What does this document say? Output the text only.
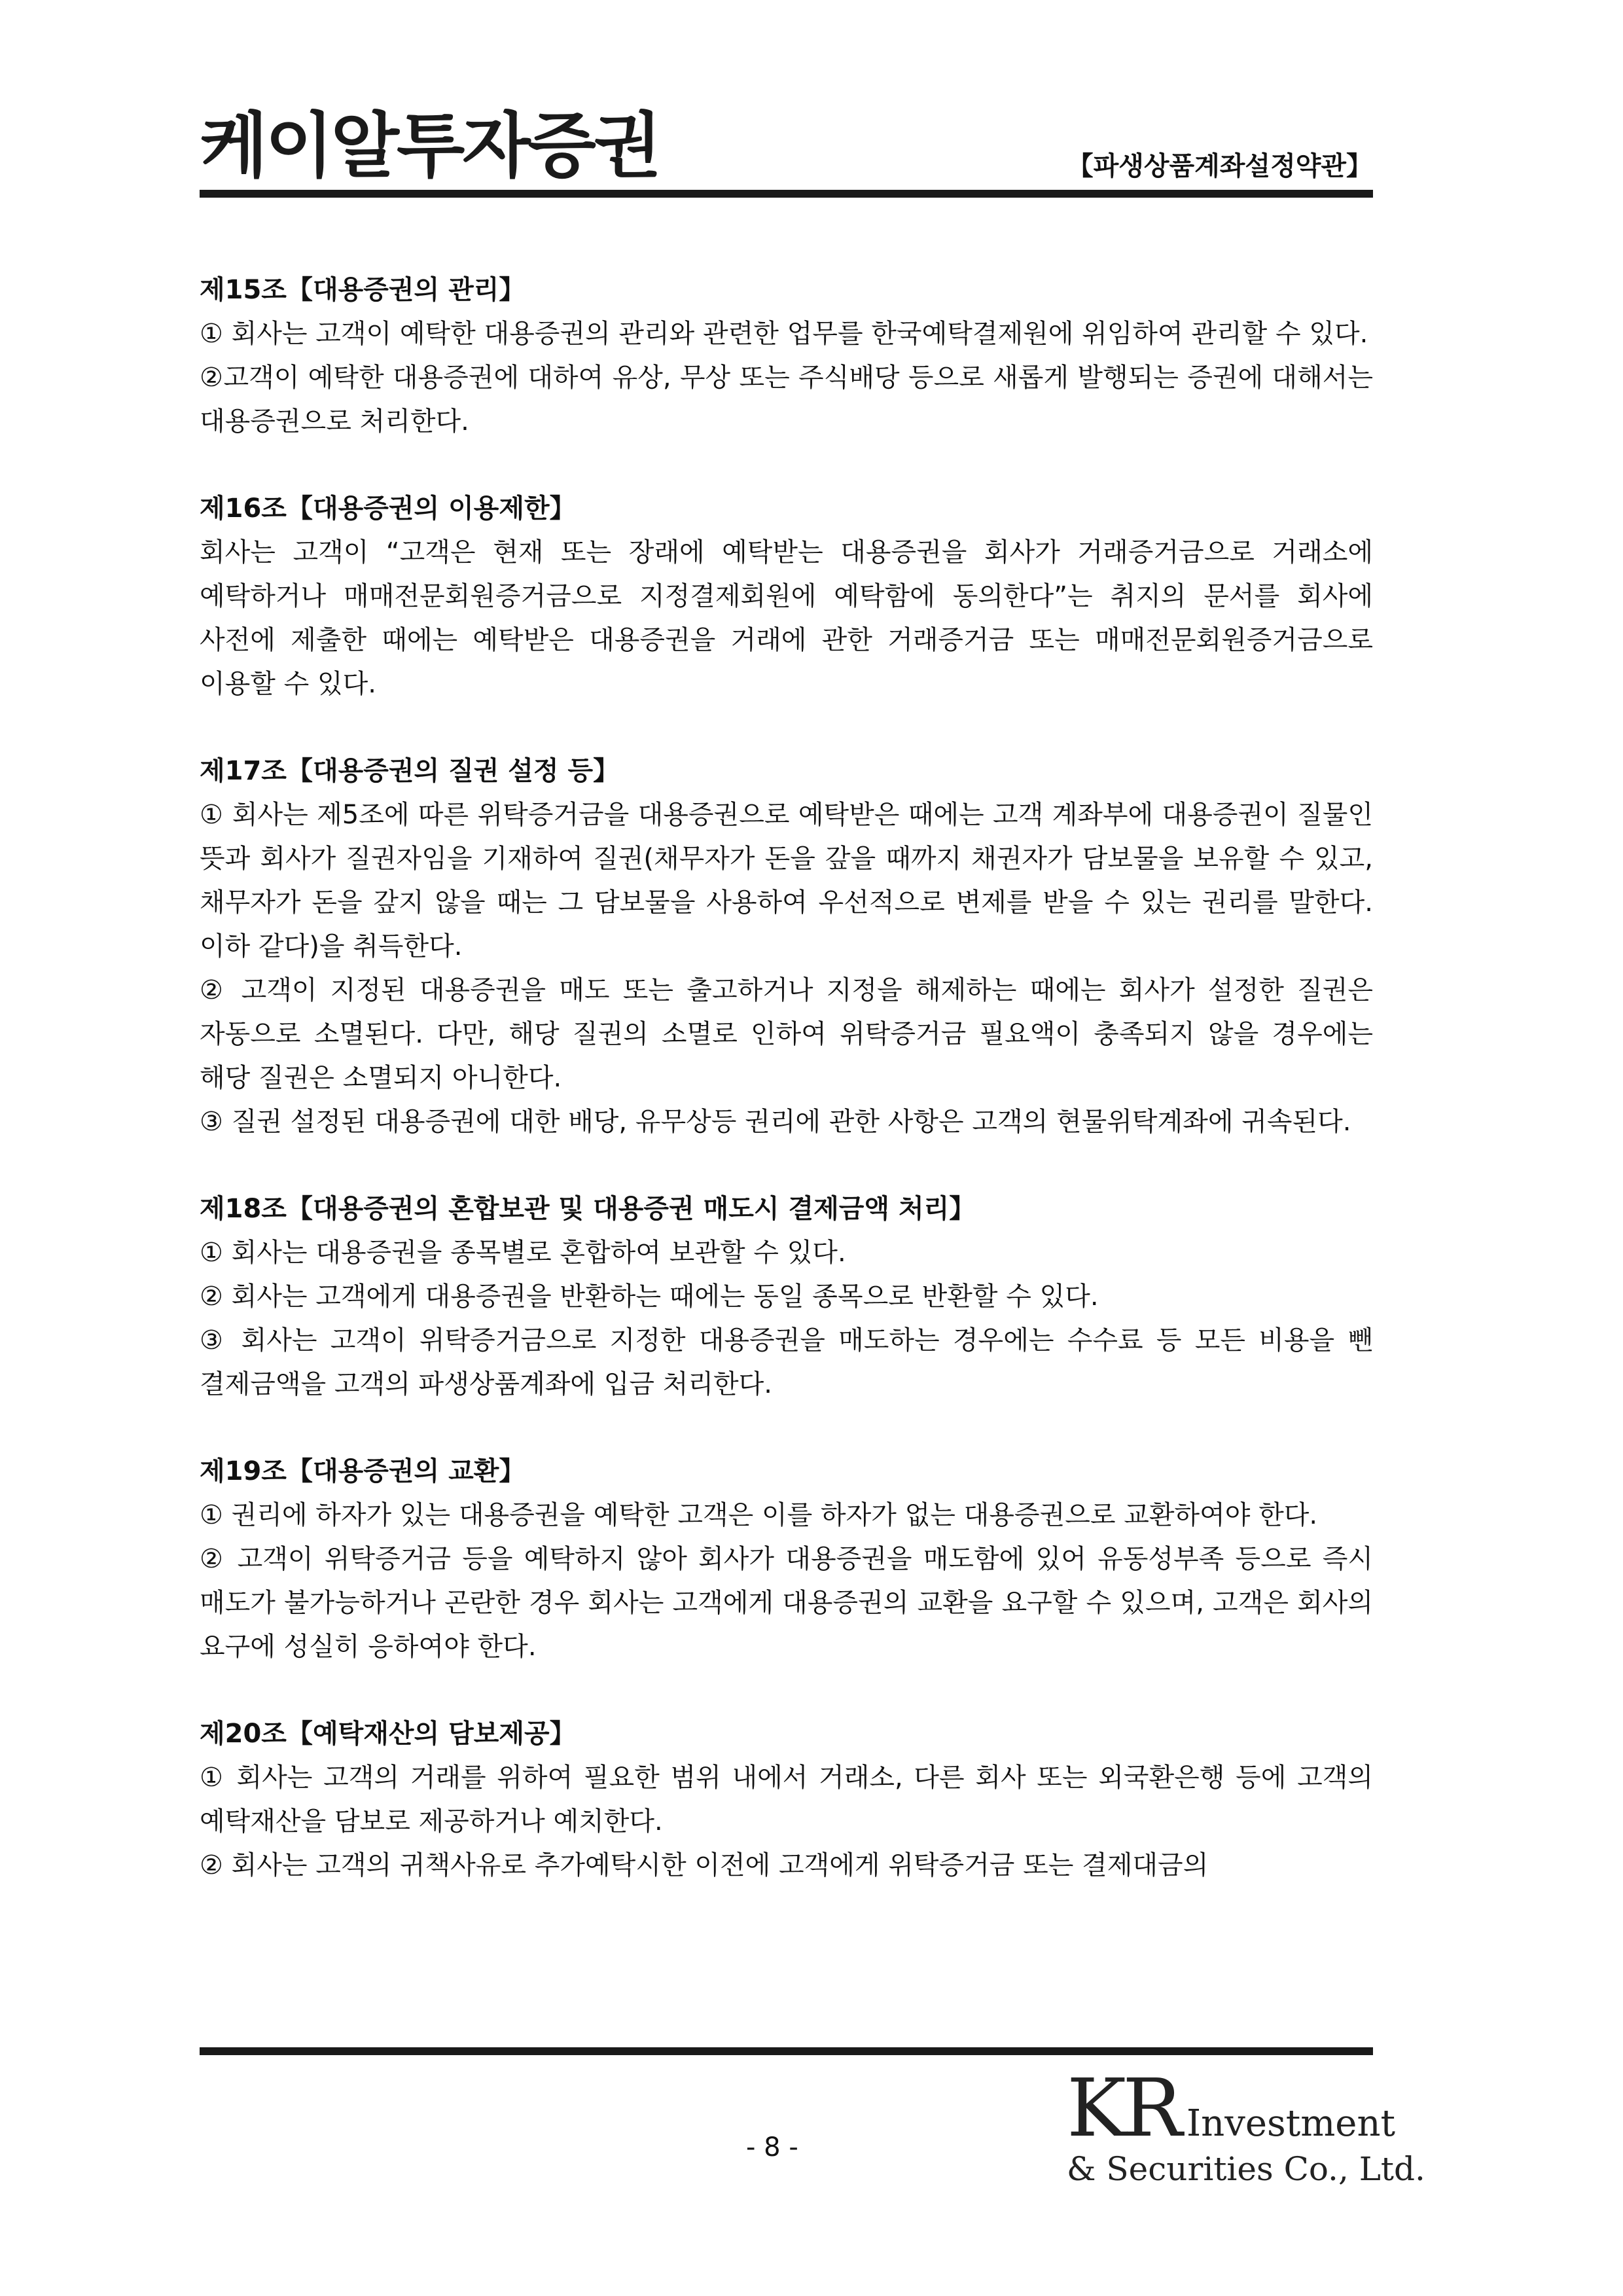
케이알투자증권	【파생상품계좌설정약관】

제15조【대용증권의 관리】

① 회사는 고객이 예탁한 대용증권의 관리와 관련한 업무를 한국예탁결제원에 위임하여 관리할 수 있다.

②고객이 예탁한 대용증권에 대하여 유상, 무상 또는 주식배당 등으로 새롭게 발행되는 증권에 대해서는 대용증권으로 처리한다.

제16조【대용증권의 이용제한】

회사는 고객이 “고객은 현재 또는 장래에 예탁받는 대용증권을 회사가 거래증거금으로 거래소에 예탁하거나 매매전문회원증거금으로 지정결제회원에 예탁함에 동의한다”는 취지의 문서를 회사에 사전에 제출한 때에는 예탁받은 대용증권을 거래에 관한 거래증거금 또는 매매전문회원증거금으로 이용할 수 있다.

제17조【대용증권의 질권 설정 등】

① 회사는 제5조에 따른 위탁증거금을 대용증권으로 예탁받은 때에는 고객 계좌부에 대용증권이 질물인 뜻과 회사가 질권자임을 기재하여 질권(채무자가 돈을 갚을 때까지 채권자가 담보물을 보유할 수 있고, 채무자가 돈을 갚지 않을 때는 그 담보물을 사용하여 우선적으로 변제를 받을 수 있는 권리를 말한다. 이하 같다)을 취득한다.

② 고객이 지정된 대용증권을 매도 또는 출고하거나 지정을 해제하는 때에는 회사가 설정한 질권은 자동으로 소멸된다. 다만, 해당 질권의 소멸로 인하여 위탁증거금 필요액이 충족되지 않을 경우에는 해당 질권은 소멸되지 아니한다.

③ 질권 설정된 대용증권에 대한 배당, 유무상등 권리에 관한 사항은 고객의 현물위탁계좌에 귀속된다.

제18조【대용증권의 혼합보관 및 대용증권 매도시 결제금액 처리】

① 회사는 대용증권을 종목별로 혼합하여 보관할 수 있다.

② 회사는 고객에게 대용증권을 반환하는 때에는 동일 종목으로 반환할 수 있다.

③ 회사는 고객이 위탁증거금으로 지정한 대용증권을 매도하는 경우에는 수수료 등 모든 비용을 뺀 결제금액을 고객의 파생상품계좌에 입금 처리한다.

제19조【대용증권의 교환】

① 권리에 하자가 있는 대용증권을 예탁한 고객은 이를 하자가 없는 대용증권으로 교환하여야 한다.

② 고객이 위탁증거금 등을 예탁하지 않아 회사가 대용증권을 매도함에 있어 유동성부족 등으로 즉시 매도가 불가능하거나 곤란한 경우 회사는 고객에게 대용증권의 교환을 요구할 수 있으며, 고객은 회사의 요구에 성실히 응하여야 한다.

제20조【예탁재산의 담보제공】

① 회사는 고객의 거래를 위하여 필요한 범위 내에서 거래소, 다른 회사 또는 외국환은행 등에 고객의 예탁재산을 담보로 제공하거나 예치한다.

② 회사는 고객의 귀책사유로 추가예탁시한 이전에 고객에게 위탁증거금 또는 결제대금의

- 8 -	KR Investment
& Securities Co., Ltd.
